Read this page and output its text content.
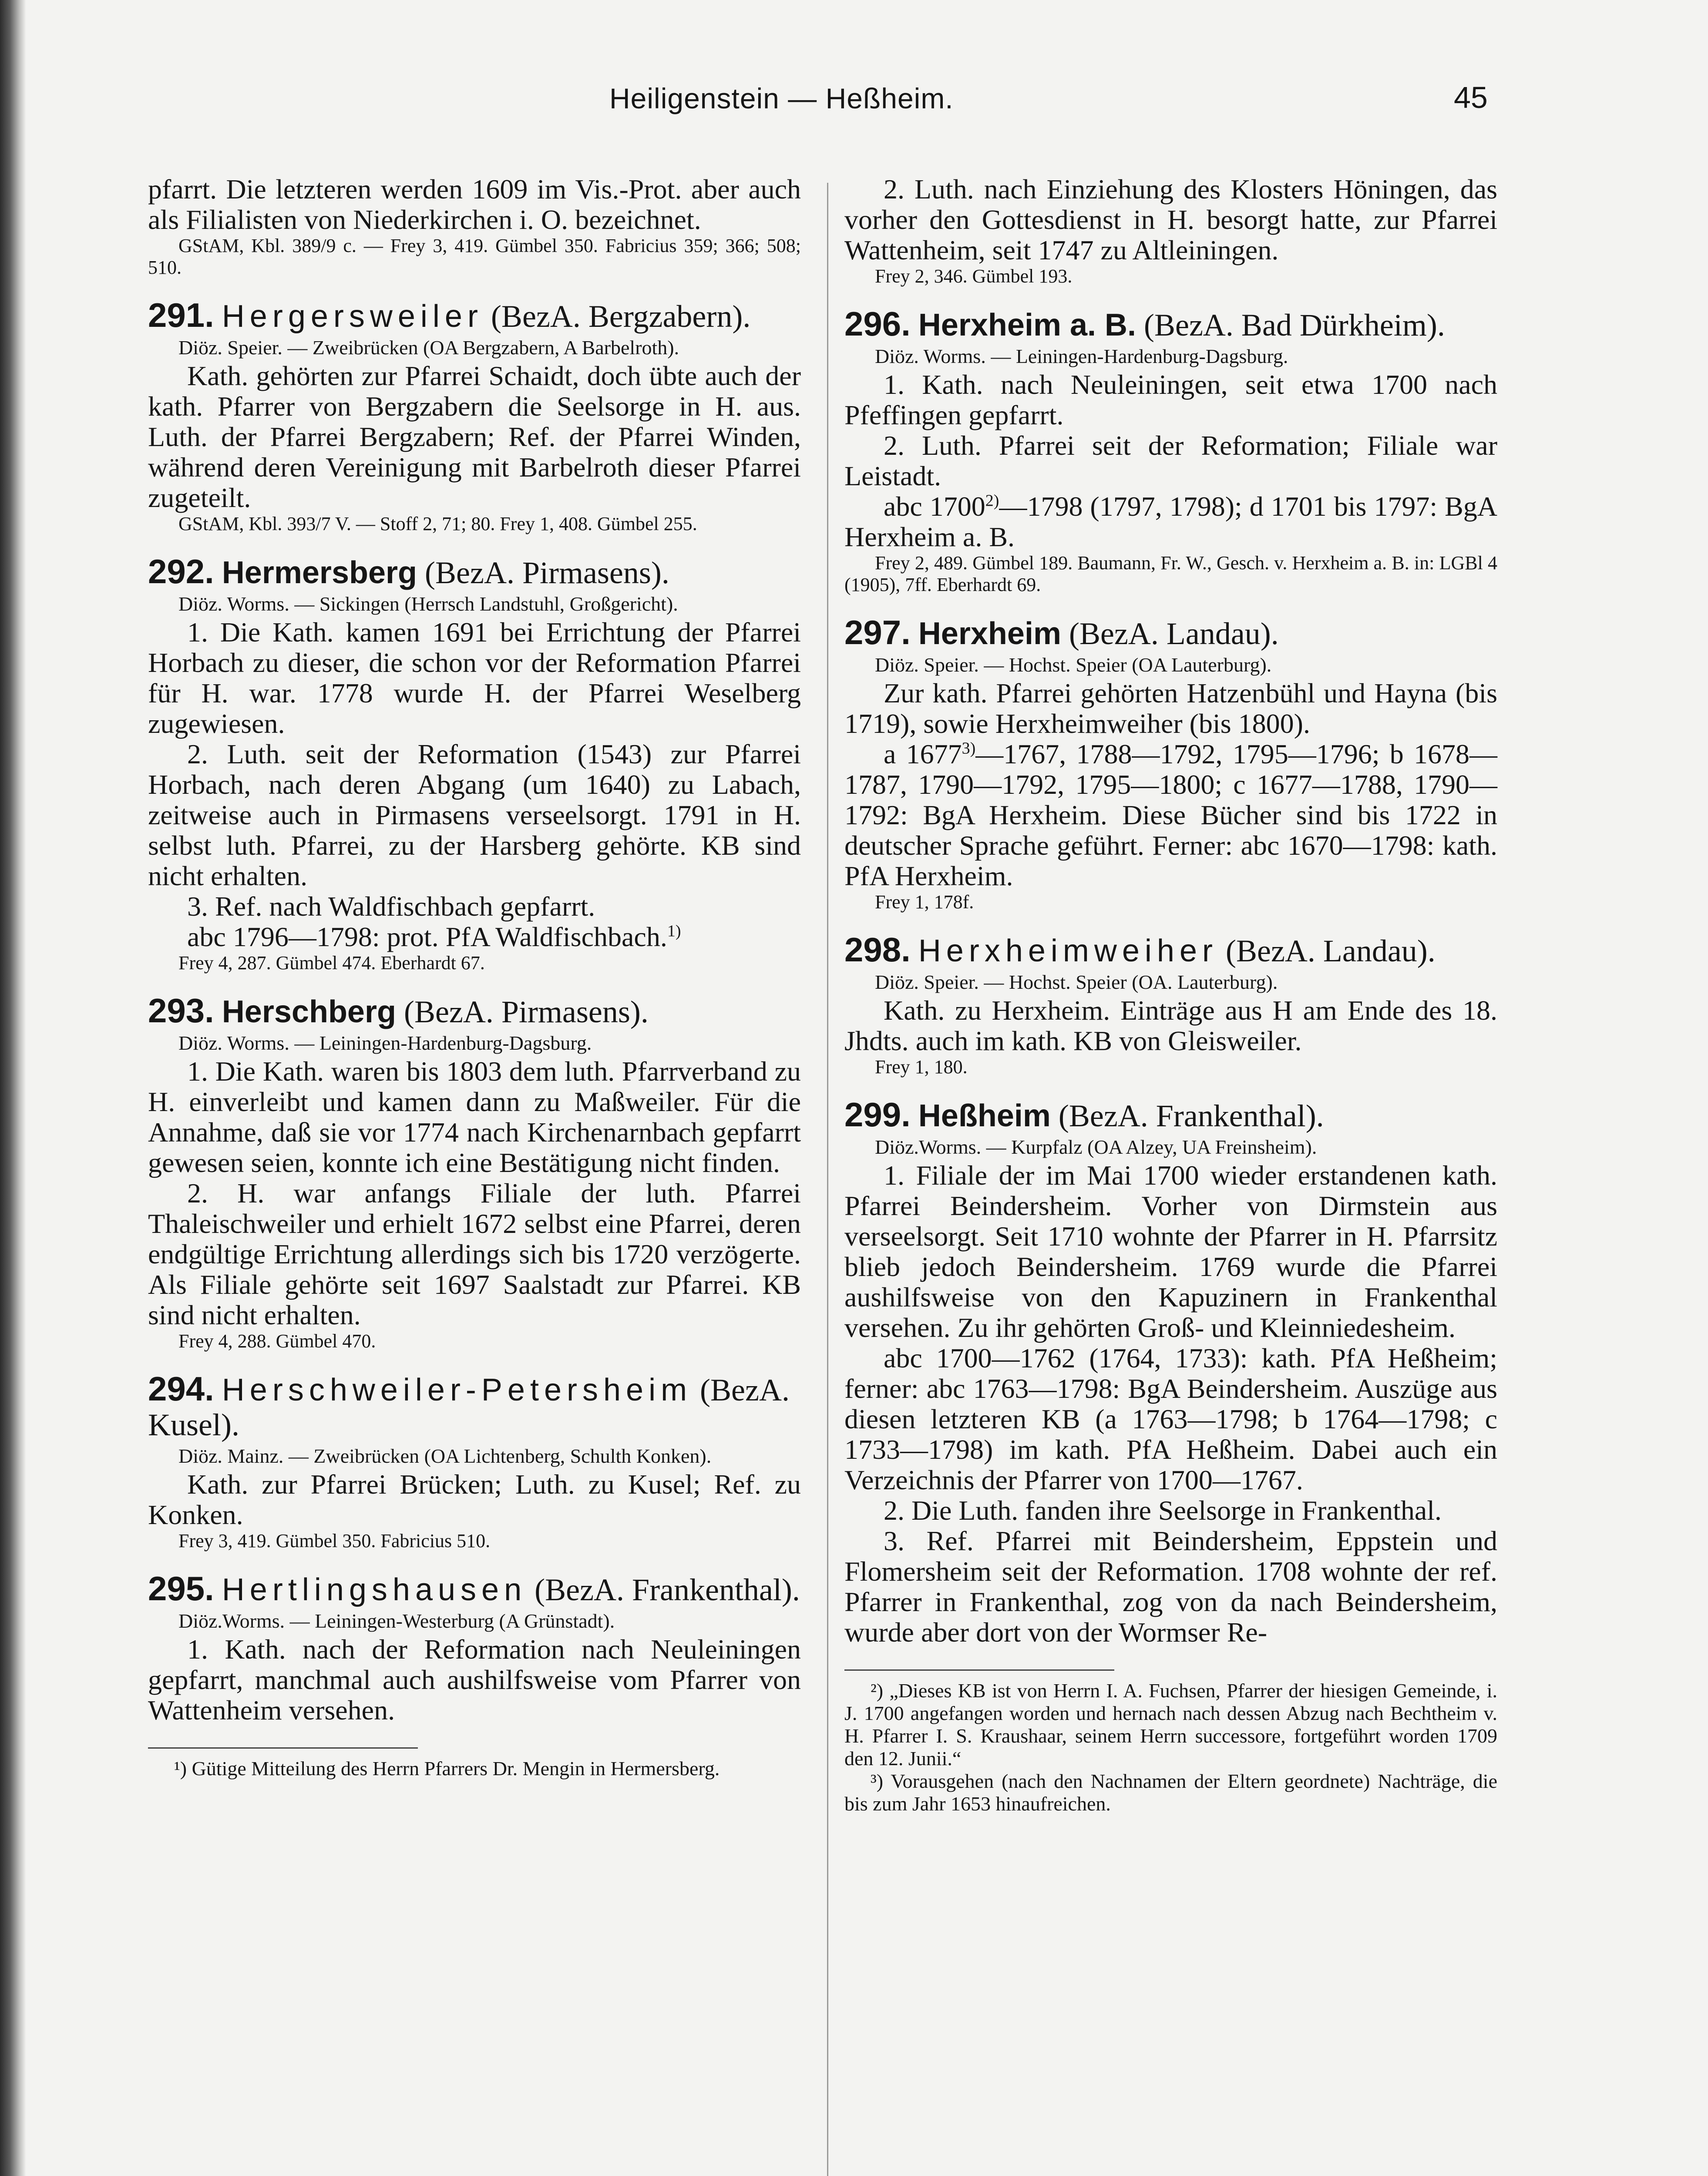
Heiligenstein — Heßheim.	45

pfarrt. Die letzteren werden 1609 im Vis.-Prot. aber auch als Filialisten von Niederkirchen i. O. bezeichnet.

GStAM, Kbl. 389/9 c. — Frey 3, 419. Gümbel 350. Fabricius 359; 366; 508; 510.

291. Hergersweiler (BezA. Bergzabern).

Diöz. Speier. — Zweibrücken (OA Bergzabern, A Barbelroth).

Kath. gehörten zur Pfarrei Schaidt, doch übte auch der kath. Pfarrer von Bergzabern die Seelsorge in H. aus. Luth. der Pfarrei Bergzabern; Ref. der Pfarrei Winden, während deren Vereinigung mit Barbelroth dieser Pfarrei zugeteilt.

GStAM, Kbl. 393/7 V. — Stoff 2, 71; 80. Frey 1, 408. Gümbel 255.

292. Hermersberg (BezA. Pirmasens).

Diöz. Worms. — Sickingen (Herrsch Landstuhl, Großgericht).

1. Die Kath. kamen 1691 bei Errichtung der Pfarrei Horbach zu dieser, die schon vor der Reformation Pfarrei für H. war. 1778 wurde H. der Pfarrei Weselberg zugewiesen.

2. Luth. seit der Reformation (1543) zur Pfarrei Horbach, nach deren Abgang (um 1640) zu Labach, zeitweise auch in Pirmasens verseelsorgt. 1791 in H. selbst luth. Pfarrei, zu der Harsberg gehörte. KB sind nicht erhalten.

3. Ref. nach Waldfischbach gepfarrt.

abc 1796—1798: prot. PfA Waldfischbach.$^{1)}$

Frey 4, 287. Gümbel 474. Eberhardt 67.

293. Herschberg (BezA. Pirmasens).

Diöz. Worms. — Leiningen-Hardenburg-Dagsburg.

1. Die Kath. waren bis 1803 dem luth. Pfarrverband zu H. einverleibt und kamen dann zu Maßweiler. Für die Annahme, daß sie vor 1774 nach Kirchenarnbach gepfarrt gewesen seien, konnte ich eine Bestätigung nicht finden.

2. H. war anfangs Filiale der luth. Pfarrei Thaleischweiler und erhielt 1672 selbst eine Pfarrei, deren endgültige Errichtung allerdings sich bis 1720 verzögerte. Als Filiale gehörte seit 1697 Saalstadt zur Pfarrei. KB sind nicht erhalten.

Frey 4, 288. Gümbel 470.

294. Herschweiler-Petersheim (BezA. Kusel).

Diöz. Mainz. — Zweibrücken (OA Lichtenberg, Schulth Konken).

Kath. zur Pfarrei Brücken; Luth. zu Kusel; Ref. zu Konken.

Frey 3, 419. Gümbel 350. Fabricius 510.

295. Hertlingshausen (BezA. Frankenthal).

Diöz.Worms. — Leiningen-Westerburg (A Grünstadt).

1. Kath. nach der Reformation nach Neuleiningen gepfarrt, manchmal auch aushilfsweise vom Pfarrer von Wattenheim versehen.

¹) Gütige Mitteilung des Herrn Pfarrers Dr. Mengin in Hermersberg.

2. Luth. nach Einziehung des Klosters Höningen, das vorher den Gottesdienst in H. besorgt hatte, zur Pfarrei Wattenheim, seit 1747 zu Altleiningen.

Frey 2, 346. Gümbel 193.

296. Herxheim a. B. (BezA. Bad Dürkheim).

Diöz. Worms. — Leiningen-Hardenburg-Dagsburg.

1. Kath. nach Neuleiningen, seit etwa 1700 nach Pfeffingen gepfarrt.

2. Luth. Pfarrei seit der Reformation; Filiale war Leistadt.

abc 1700$^{2)}$—1798 (1797, 1798); d 1701 bis 1797: BgA Herxheim a. B.

Frey 2, 489. Gümbel 189. Baumann, Fr. W., Gesch. v. Herxheim a. B. in: LGBl 4 (1905), 7ff. Eberhardt 69.

297. Herxheim (BezA. Landau).

Diöz. Speier. — Hochst. Speier (OA Lauterburg).

Zur kath. Pfarrei gehörten Hatzenbühl und Hayna (bis 1719), sowie Herxheimweiher (bis 1800).

a 1677$^{3)}$—1767, 1788—1792, 1795—1796; b 1678—1787, 1790—1792, 1795—1800; c 1677—1788, 1790—1792: BgA Herxheim. Diese Bücher sind bis 1722 in deutscher Sprache geführt. Ferner: abc 1670—1798: kath. PfA Herxheim.

Frey 1, 178f.

298. Herxheimweiher (BezA. Landau).

Diöz. Speier. — Hochst. Speier (OA. Lauterburg).

Kath. zu Herxheim. Einträge aus H am Ende des 18. Jhdts. auch im kath. KB von Gleisweiler.

Frey 1, 180.

299. Heßheim (BezA. Frankenthal).

Diöz.Worms. — Kurpfalz (OA Alzey, UA Freinsheim).

1. Filiale der im Mai 1700 wieder erstandenen kath. Pfarrei Beindersheim. Vorher von Dirmstein aus verseelsorgt. Seit 1710 wohnte der Pfarrer in H. Pfarrsitz blieb jedoch Beindersheim. 1769 wurde die Pfarrei aushilfsweise von den Kapuzinern in Frankenthal versehen. Zu ihr gehörten Groß- und Kleinniedesheim.

abc 1700—1762 (1764, 1733): kath. PfA Heßheim; ferner: abc 1763—1798: BgA Beindersheim. Auszüge aus diesen letzteren KB (a 1763—1798; b 1764—1798; c 1733—1798) im kath. PfA Heßheim. Dabei auch ein Verzeichnis der Pfarrer von 1700—1767.

2. Die Luth. fanden ihre Seelsorge in Frankenthal.

3. Ref. Pfarrei mit Beindersheim, Eppstein und Flomersheim seit der Reformation. 1708 wohnte der ref. Pfarrer in Frankenthal, zog von da nach Beindersheim, wurde aber dort von der Wormser Re-

²) „Dieses KB ist von Herrn I. A. Fuchsen, Pfarrer der hiesigen Gemeinde, i. J. 1700 angefangen worden und hernach nach dessen Abzug nach Bechtheim v. H. Pfarrer I. S. Kraushaar, seinem Herrn successore, fortgeführt worden 1709 den 12. Junii.“

³) Vorausgehen (nach den Nachnamen der Eltern geordnete) Nachträge, die bis zum Jahr 1653 hinaufreichen.
